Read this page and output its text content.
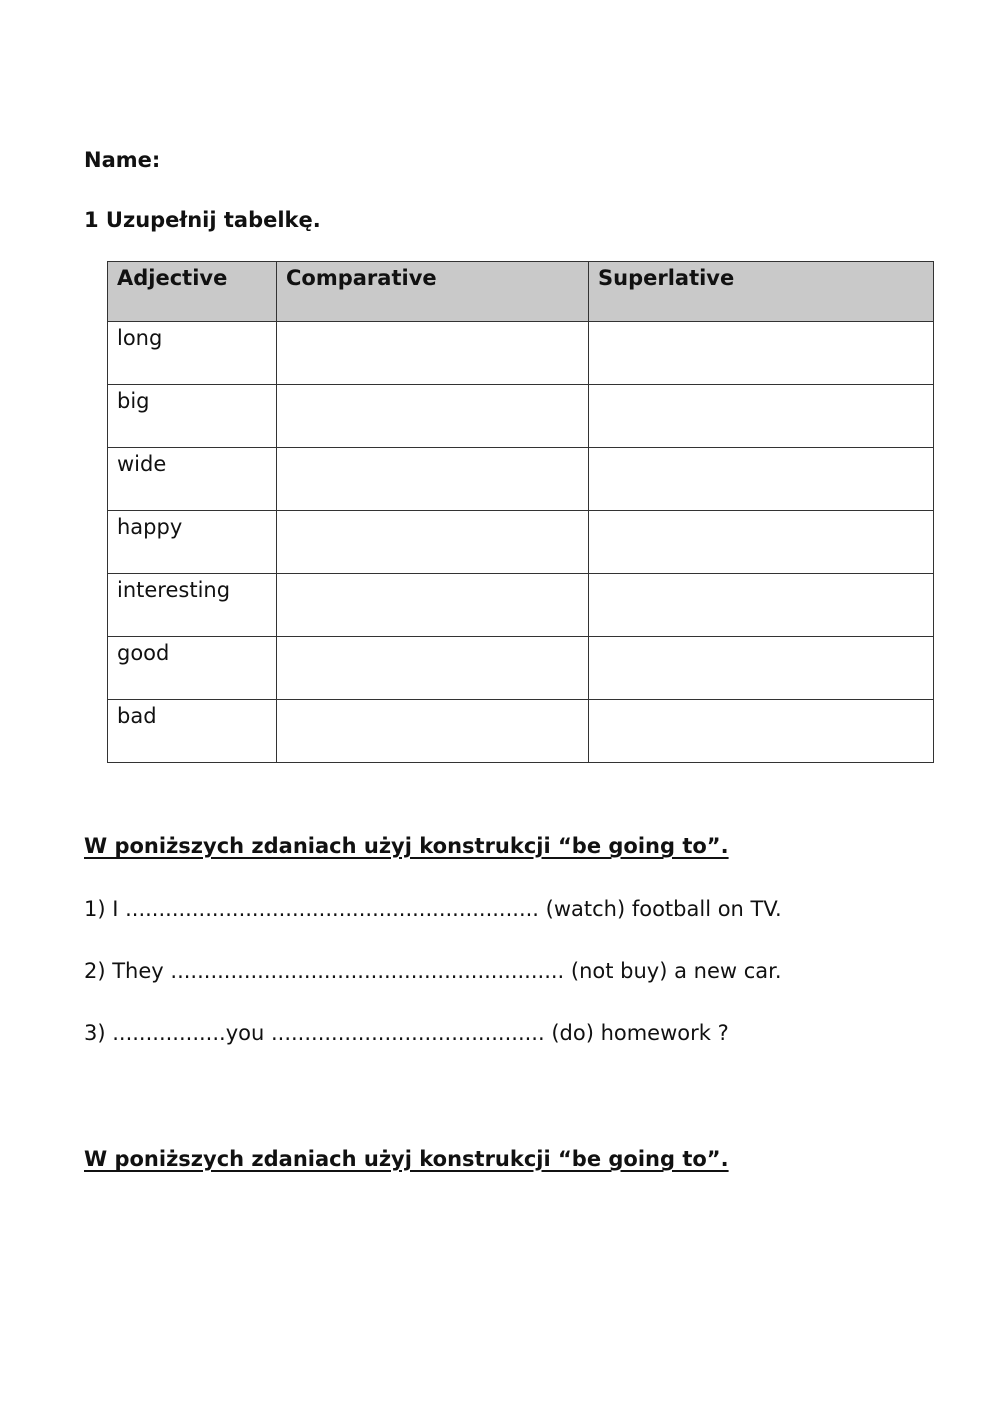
Name:
1 Uzupełnij tabelkę.
Adjective	Comparative	Superlative
long		
big		
wide		
happy		
interesting		
good		
bad		
W poniższych zdaniach użyj konstrukcji “be going to”.
1) I .............................................................. (watch) football on TV.
2) They ........................................................... (not buy) a new car.
3) .................you ......................................... (do) homework ?
W poniższych zdaniach użyj konstrukcji “be going to”.
